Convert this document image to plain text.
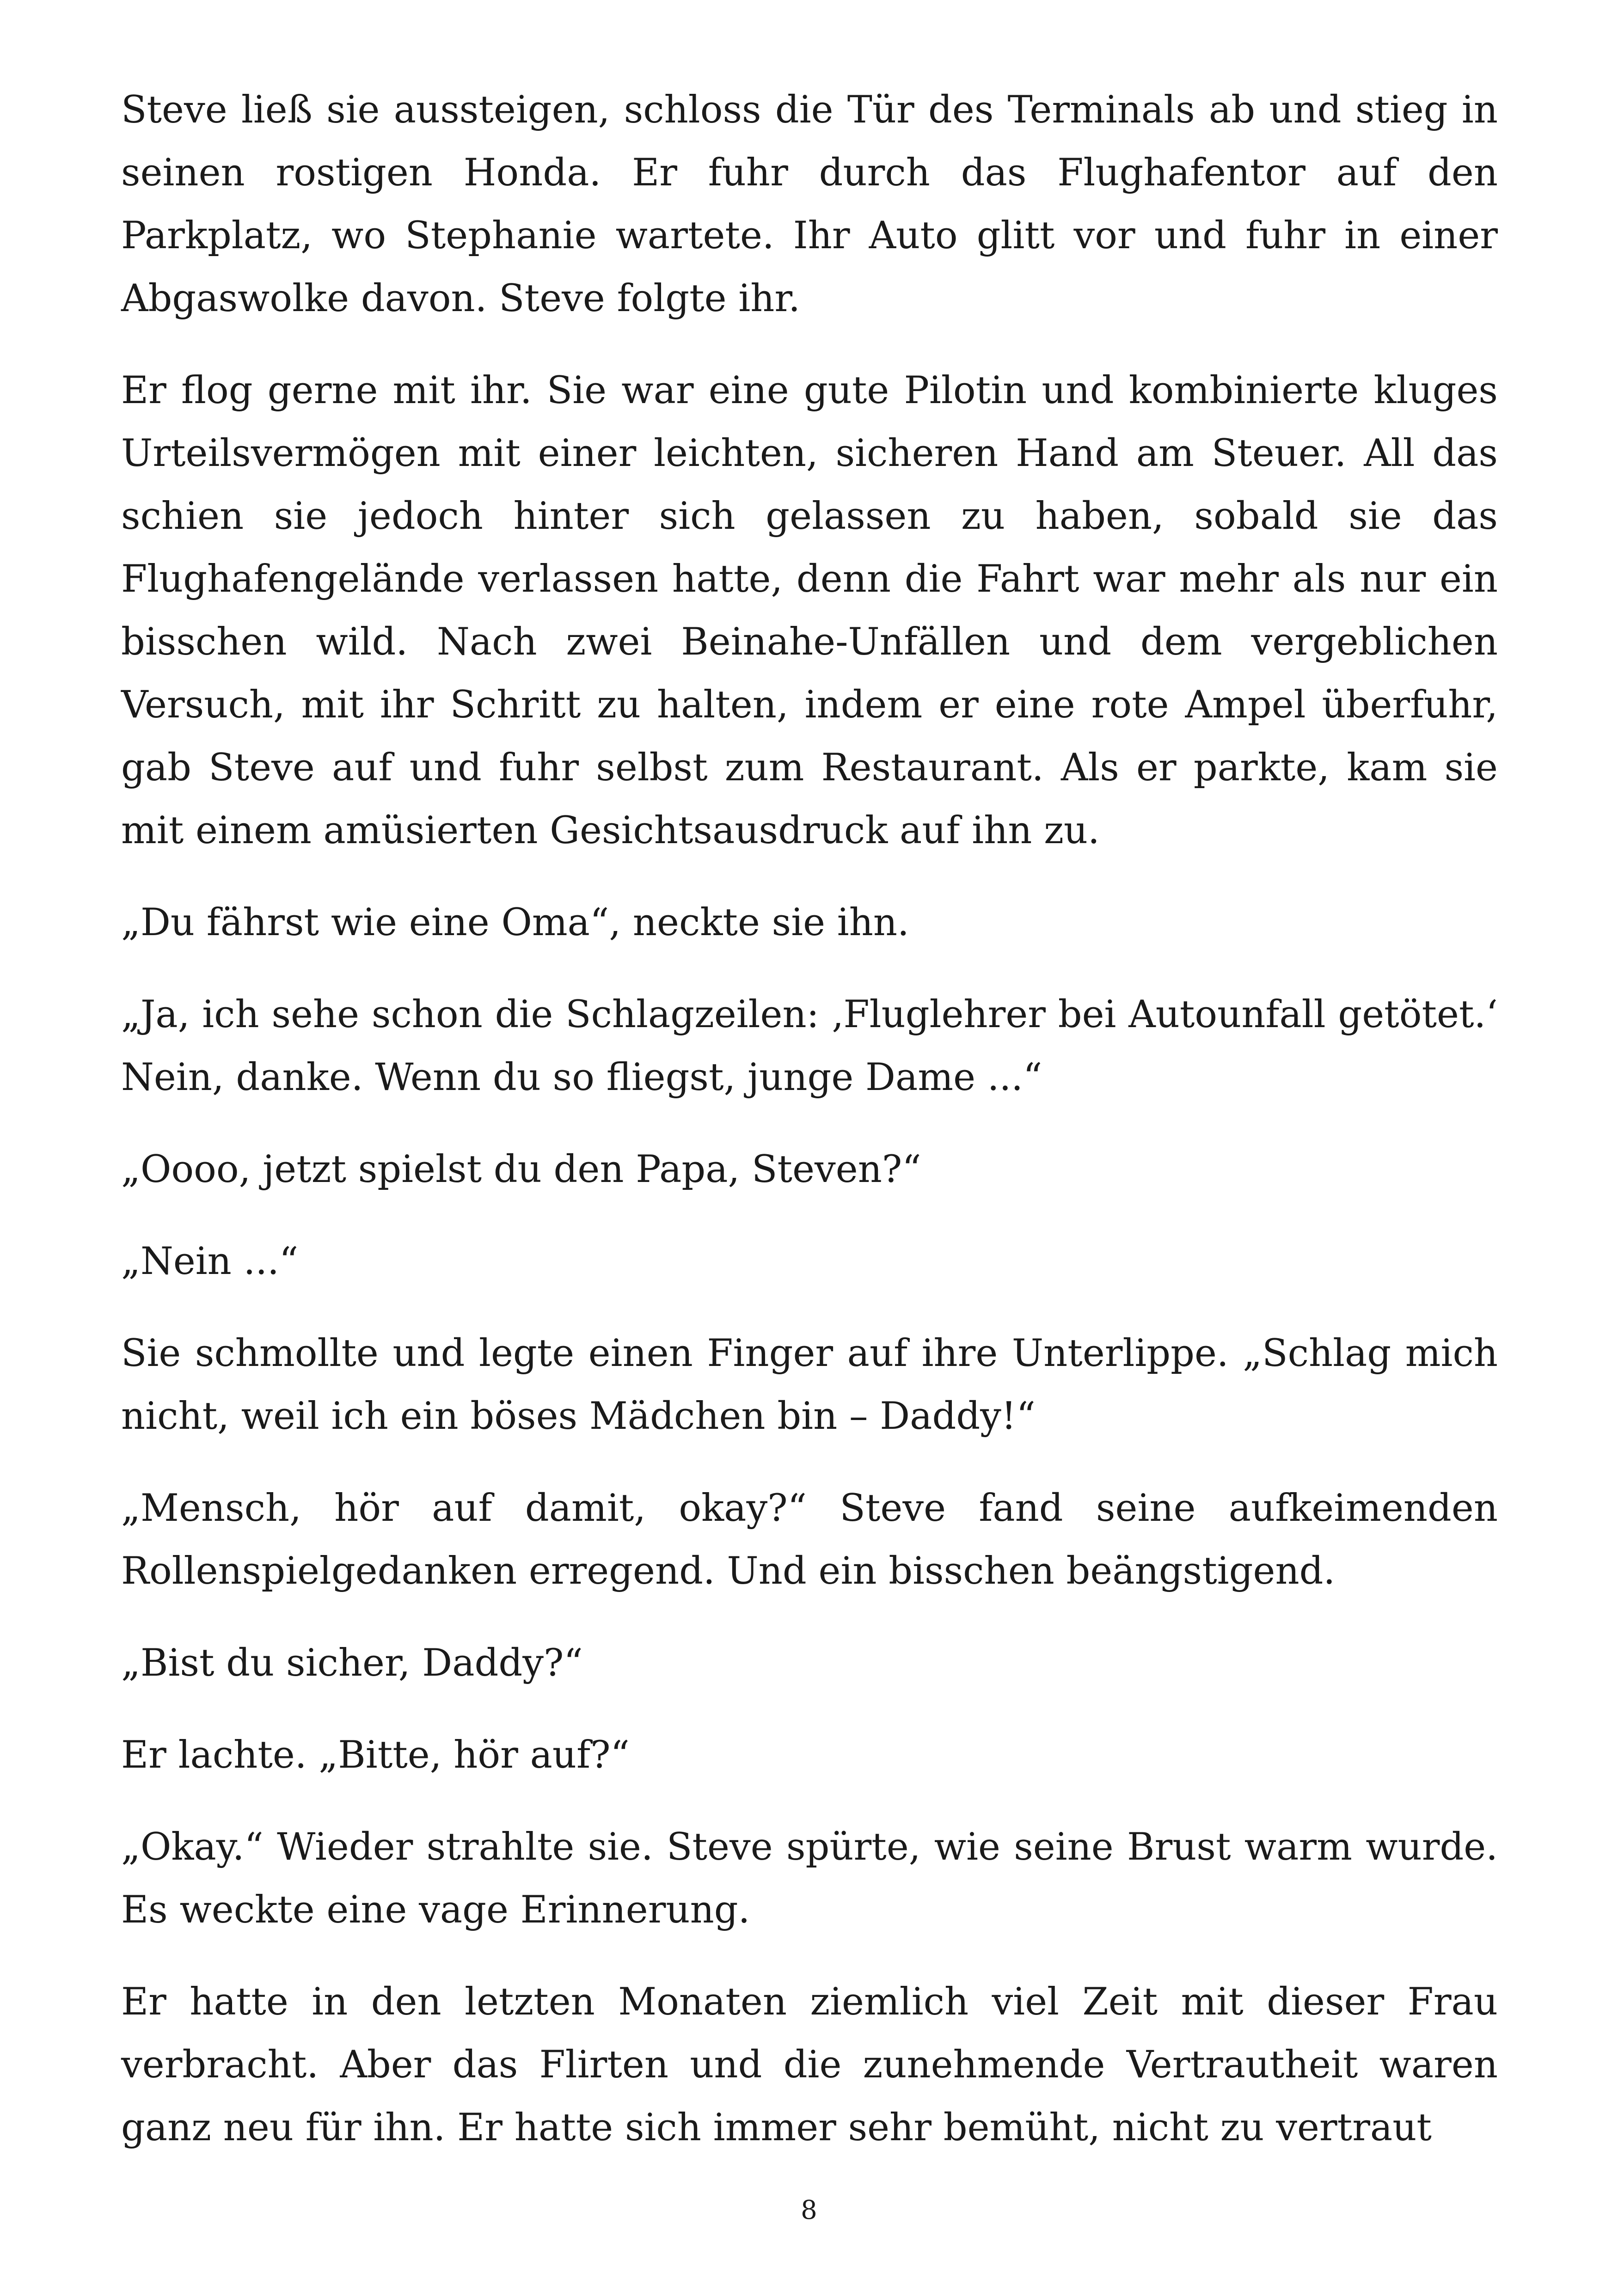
Steve ließ sie aussteigen, schloss die Tür des Terminals ab und stieg in seinen rostigen Honda. Er fuhr durch das Flughafentor auf den Parkplatz, wo Stephanie wartete. Ihr Auto glitt vor und fuhr in einer Abgaswolke davon. Steve folgte ihr.

Er flog gerne mit ihr. Sie war eine gute Pilotin und kombinierte kluges Urteilsvermögen mit einer leichten, sicheren Hand am Steuer. All das schien sie jedoch hinter sich gelassen zu haben, sobald sie das Flughafengelände verlassen hatte, denn die Fahrt war mehr als nur ein bisschen wild. Nach zwei Beinahe-Unfällen und dem vergeblichen Versuch, mit ihr Schritt zu halten, indem er eine rote Ampel überfuhr, gab Steve auf und fuhr selbst zum Restaurant. Als er parkte, kam sie mit einem amüsierten Gesichtsausdruck auf ihn zu.

„Du fährst wie eine Oma“, neckte sie ihn.

„Ja, ich sehe schon die Schlagzeilen: ‚Fluglehrer bei Autounfall getötet.‘ Nein, danke. Wenn du so fliegst, junge Dame ...“

„Oooo, jetzt spielst du den Papa, Steven?“

„Nein ...“

Sie schmollte und legte einen Finger auf ihre Unterlippe. „Schlag mich nicht, weil ich ein böses Mädchen bin – Daddy!“

„Mensch, hör auf damit, okay?“ Steve fand seine aufkeimenden Rollenspielgedanken erregend. Und ein bisschen beängstigend.

„Bist du sicher, Daddy?“

Er lachte. „Bitte, hör auf?“

„Okay.“ Wieder strahlte sie. Steve spürte, wie seine Brust warm wurde. Es weckte eine vage Erinnerung.

Er hatte in den letzten Monaten ziemlich viel Zeit mit dieser Frau verbracht. Aber das Flirten und die zunehmende Vertrautheit waren ganz neu für ihn. Er hatte sich immer sehr bemüht, nicht zu vertraut

8
